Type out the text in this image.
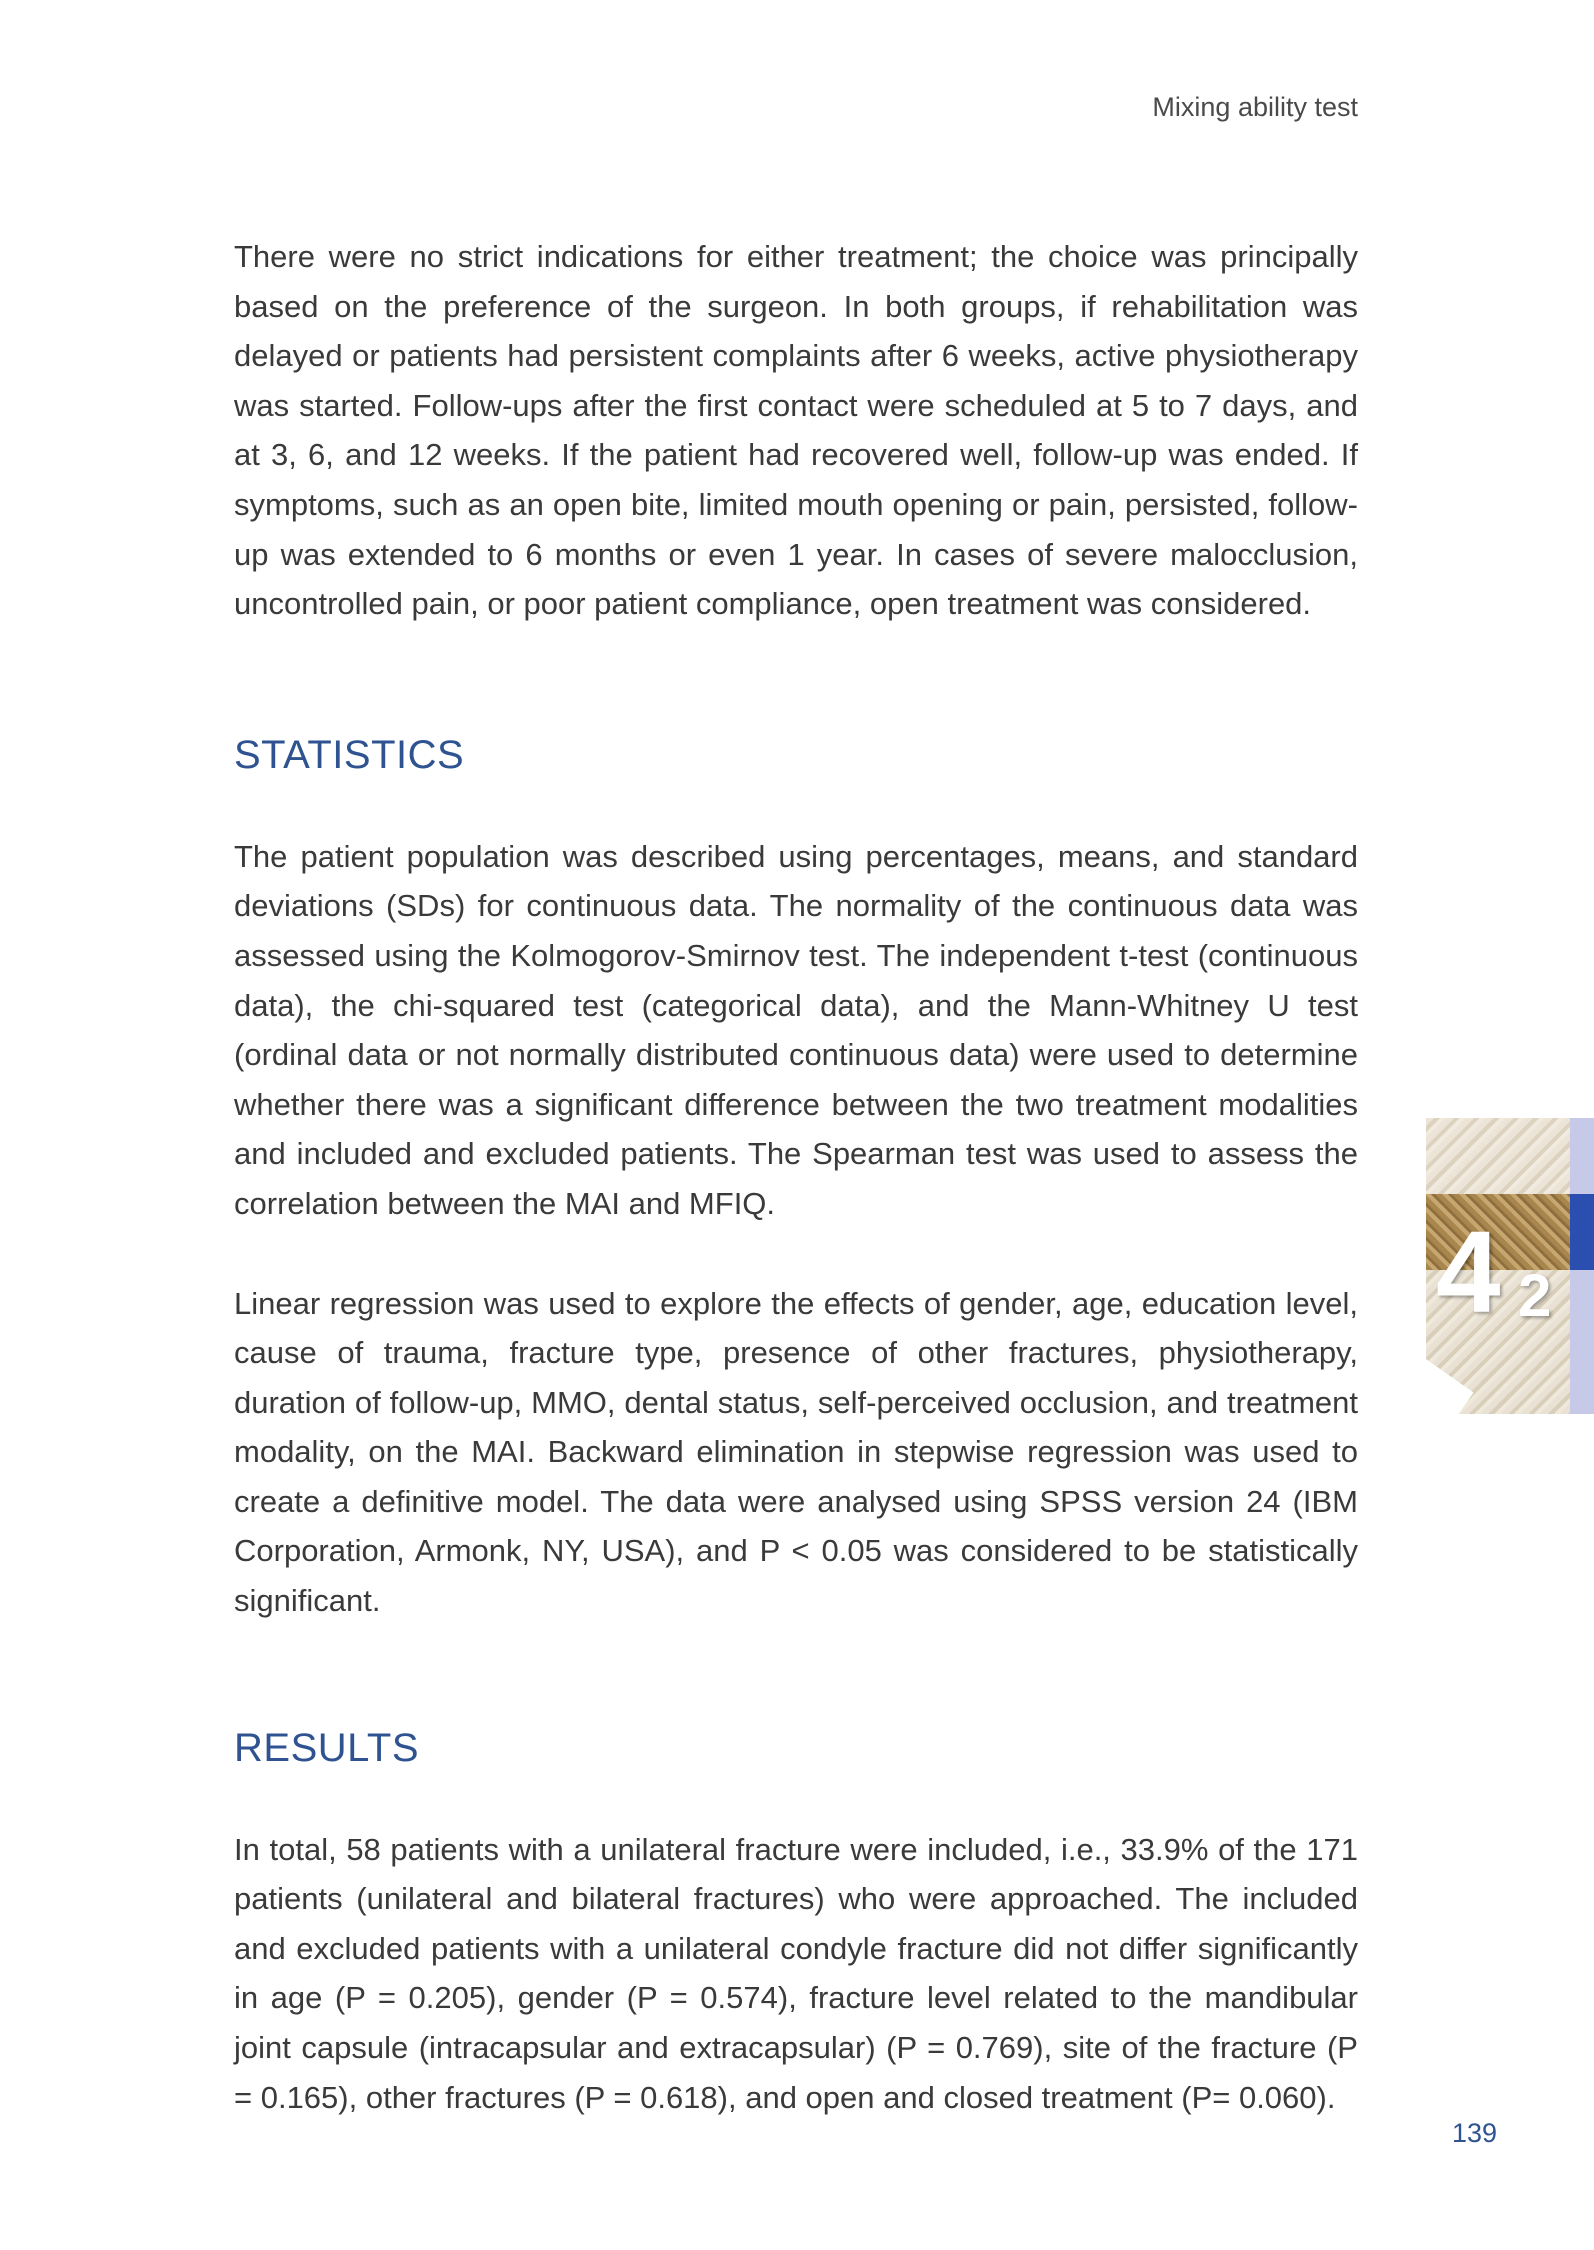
Mixing ability test

There were no strict indications for either treatment; the choice was principally based on the preference of the surgeon. In both groups, if rehabilitation was delayed or patients had persistent complaints after 6 weeks, active physiotherapy was started. Follow-ups after the first contact were scheduled at 5 to 7 days, and at 3, 6, and 12 weeks. If the patient had recovered well, follow-up was ended. If symptoms, such as an open bite, limited mouth opening or pain, persisted, follow-up was extended to 6 months or even 1 year. In cases of severe malocclusion, uncontrolled pain, or poor patient compliance, open treatment was considered.

STATISTICS

The patient population was described using percentages, means, and standard deviations (SDs) for continuous data. The normality of the continuous data was assessed using the Kolmogorov-Smirnov test. The independent t-test (continuous data), the chi-squared test (categorical data), and the Mann-Whitney U test (ordinal data or not normally distributed continuous data) were used to determine whether there was a significant difference between the two treatment modalities and included and excluded patients. The Spearman test was used to assess the correlation between the MAI and MFIQ.

Linear regression was used to explore the effects of gender, age, education level, cause of trauma, fracture type, presence of other fractures, physiotherapy, duration of follow-up, MMO, dental status, self-perceived occlusion, and treatment modality, on the MAI. Backward elimination in stepwise regression was used to create a definitive model. The data were analysed using SPSS version 24 (IBM Corporation, Armonk, NY, USA), and P < 0.05 was considered to be statistically significant.

RESULTS

In total, 58 patients with a unilateral fracture were included, i.e., 33.9% of the 171 patients (unilateral and bilateral fractures) who were approached. The included and excluded patients with a unilateral condyle fracture did not differ significantly in age (P = 0.205), gender (P = 0.574), fracture level related to the mandibular joint capsule (intracapsular and extracapsular) (P = 0.769), site of the fracture (P = 0.165), other fractures (P = 0.618), and open and closed treatment (P= 0.060).

4 2
139
